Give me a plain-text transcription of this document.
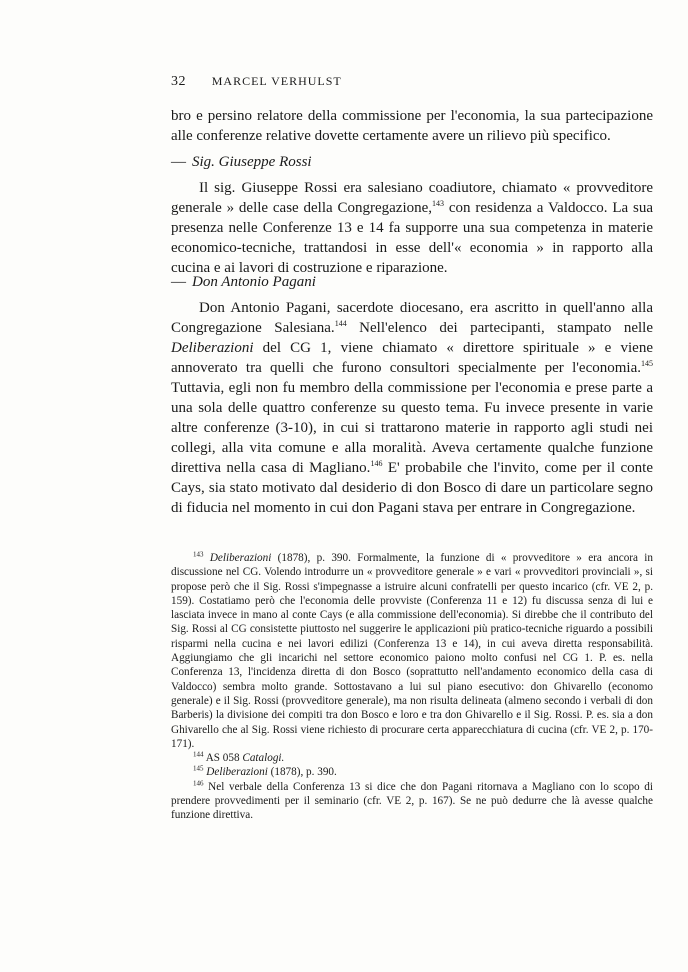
32 MARCEL VERHULST
bro e persino relatore della commissione per l'economia, la sua partecipazione alle conferenze relative dovette certamente avere un rilievo più specifico.
— Sig. Giuseppe Rossi
Il sig. Giuseppe Rossi era salesiano coadiutore, chiamato « provveditore generale » delle case della Congregazione,$^{143}$ con residenza a Valdocco. La sua presenza nelle Conferenze 13 e 14 fa supporre una sua competenza in materie economico-tecniche, trattandosi in esse dell'« economia » in rapporto alla cucina e ai lavori di costruzione e riparazione.
— Don Antonio Pagani
Don Antonio Pagani, sacerdote diocesano, era ascritto in quell'anno alla Congregazione Salesiana.$^{144}$ Nell'elenco dei partecipanti, stampato nelle Deliberazioni del CG 1, viene chiamato « direttore spirituale » e viene annoverato tra quelli che furono consultori specialmente per l'economia.$^{145}$ Tuttavia, egli non fu membro della commissione per l'economia e prese parte a una sola delle quattro conferenze su questo tema. Fu invece presente in varie altre conferenze (3-10), in cui si trattarono materie in rapporto agli studi nei collegi, alla vita comune e alla moralità. Aveva certamente qualche funzione direttiva nella casa di Magliano.$^{146}$ E' probabile che l'invito, come per il conte Cays, sia stato motivato dal desiderio di don Bosco di dare un particolare segno di fiducia nel momento in cui don Pagani stava per entrare in Congregazione.

$^{143}$ Deliberazioni (1878), p. 390. Formalmente, la funzione di « provveditore » era ancora in discussione nel CG. Volendo introdurre un « provveditore generale » e vari « provveditori provinciali », si propose però che il Sig. Rossi s'impegnasse a istruire alcuni confratelli per questo incarico (cfr. VE 2, p. 159). Costatiamo però che l'economia delle provviste (Conferenza 11 e 12) fu discussa senza di lui e lasciata invece in mano al conte Cays (e alla commissione dell'economia). Si direbbe che il contributo del Sig. Rossi al CG consistette piuttosto nel suggerire le applicazioni più pratico-tecniche riguardo a possibili risparmi nella cucina e nei lavori edilizi (Conferenza 13 e 14), in cui aveva diretta responsabilità. Aggiungiamo che gli incarichi nel settore economico paiono molto confusi nel CG 1. P. es. nella Conferenza 13, l'incidenza diretta di don Bosco (soprattutto nell'andamento economico della casa di Valdocco) sembra molto grande. Sottostavano a lui sul piano esecutivo: don Ghivarello (economo generale) e il Sig. Rossi (provveditore generale), ma non risulta delineata (almeno secondo i verbali di don Barberis) la divisione dei compiti tra don Bosco e loro e tra don Ghivarello e il Sig. Rossi. P. es. sia a don Ghivarello che al Sig. Rossi viene richiesto di procurare certa apparecchiatura di cucina (cfr. VE 2, p. 170-171).

$^{144}$ AS 058 Catalogi.

$^{145}$ Deliberazioni (1878), p. 390.

$^{146}$ Nel verbale della Conferenza 13 si dice che don Pagani ritornava a Magliano con lo scopo di prendere provvedimenti per il seminario (cfr. VE 2, p. 167). Se ne può dedurre che là avesse qualche funzione direttiva.
